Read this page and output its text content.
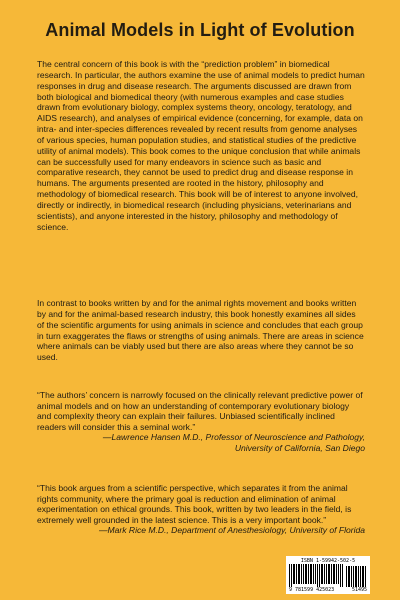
Animal Models in Light of Evolution

The central concern of this book is with the “prediction problem” in biomedical research. In particular, the authors examine the use of animal models to predict human responses in drug and disease research. The arguments discussed are drawn from both biological and biomedical theory (with numerous examples and case studies drawn from evolutionary biology, complex systems theory, oncology, teratology, and AIDS research), and analyses of empirical evidence (concerning, for example, data on intra- and inter-species differences revealed by recent results from genome analyses of various species, human population studies, and statistical studies of the predictive utility of animal models). This book comes to the unique conclusion that while animals can be successfully used for many endeavors in science such as basic and comparative research, they cannot be used to predict drug and disease response in humans. The arguments presented are rooted in the history, philosophy and methodology of biomedical research. This book will be of interest to anyone involved, directly or indirectly, in biomedical research (including physicians, veterinarians and scientists), and anyone interested in the history, philosophy and methodology of science.

In contrast to books written by and for the animal rights movement and books written by and for the animal-based research industry, this book honestly examines all sides of the scientific arguments for using animals in science and concludes that each group in turn exaggerates the flaws or strengths of using animals. There are areas in science where animals can be viably used but there are also areas where they cannot be so used.

“The authors’ concern is narrowly focused on the clinically relevant predictive power of animal models and on how an understanding of contemporary evolutionary biology and complexity theory can explain their failures. Unbiased scientifically inclined readers will consider this a seminal work.”
—Lawrence Hansen M.D., Professor of Neuroscience and Pathology,
University of California, San Diego
“This book argues from a scientific perspective, which separates it from the animal rights community, where the primary goal is reduction and elimination of animal experimentation on ethical grounds. This book, written by two leaders in the field, is extremely well grounded in the latest science. This is a very important book.”
—Mark Rice M.D., Department of Anesthesiology, University of Florida
ISBN 1-59942-502-5
9 781599 425023	51495
